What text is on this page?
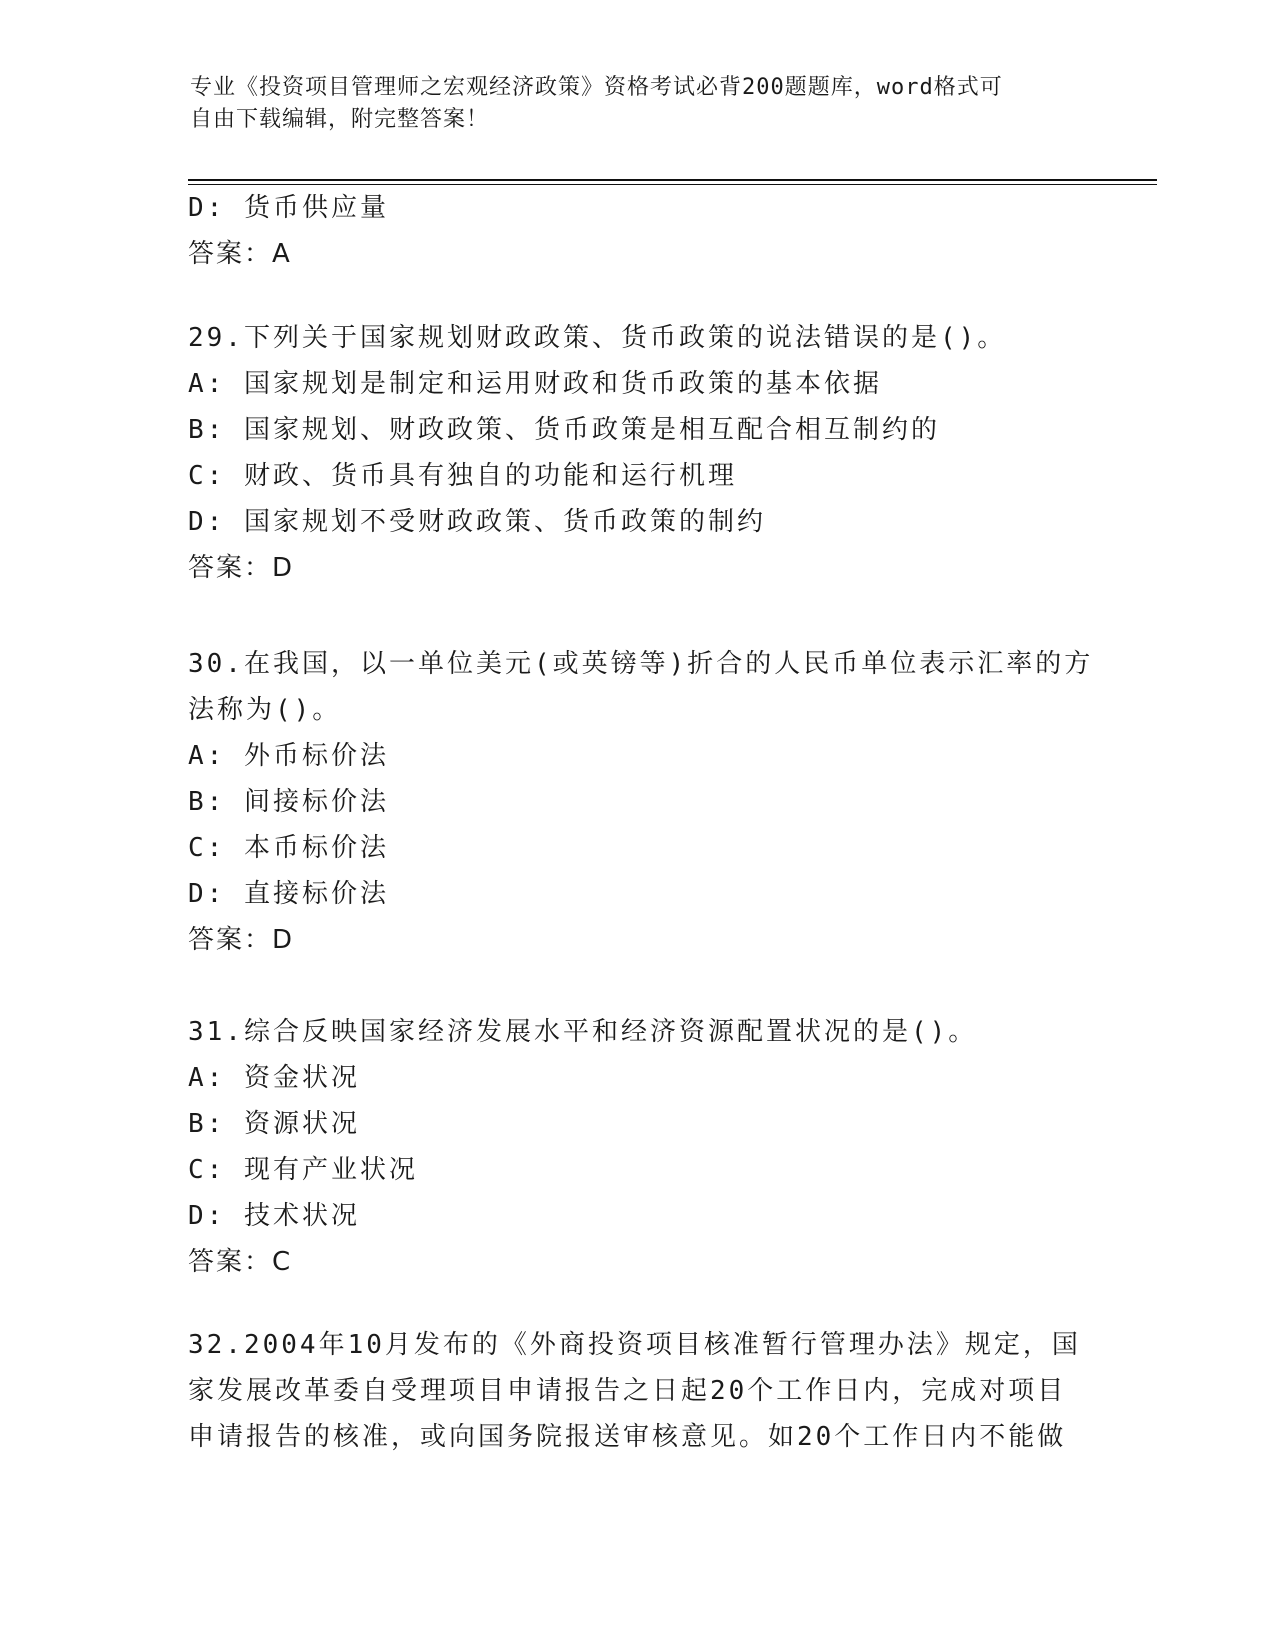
专业《投资项目管理师之宏观经济政策》资格考试必背200题题库，word格式可
自由下载编辑，附完整答案！
D: 货币供应量
答案：A
29.下列关于国家规划财政政策、货币政策的说法错误的是()。
A: 国家规划是制定和运用财政和货币政策的基本依据
B: 国家规划、财政政策、货币政策是相互配合相互制约的
C: 财政、货币具有独自的功能和运行机理
D: 国家规划不受财政政策、货币政策的制约
答案：D
30.在我国，以一单位美元(或英镑等)折合的人民币单位表示汇率的方
法称为()。
A: 外币标价法
B: 间接标价法
C: 本币标价法
D: 直接标价法
答案：D
31.综合反映国家经济发展水平和经济资源配置状况的是()。
A: 资金状况
B: 资源状况
C: 现有产业状况
D: 技术状况
答案：C
32.2004年10月发布的《外商投资项目核准暂行管理办法》规定，国
家发展改革委自受理项目申请报告之日起20个工作日内，完成对项目
申请报告的核准，或向国务院报送审核意见。如20个工作日内不能做
